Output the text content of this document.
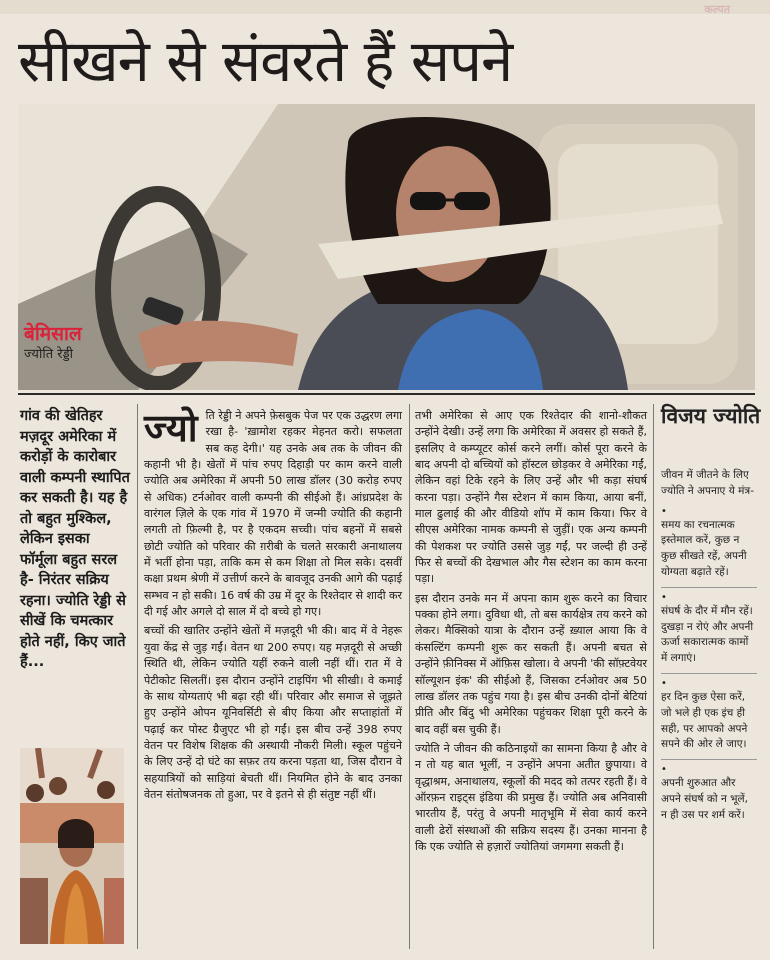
कल्पत
सीखने से संवरते हैं सपने
बेमिसाल
ज्योति रेड्डी
गांव की खेतिहर मज़दूर अमेरिका में करोड़ों के कारोबार वाली कम्पनी स्थापित कर सकती है। यह है तो बहुत मुश्किल, लेकिन इसका फॉर्मूला बहुत सरल है- निरंतर सक्रिय रहना। ज्योति रेड्डी से सीखें कि चमत्कार होते नहीं, किए जाते हैं...

ज्यो ति रेड्डी ने अपने फ़ेसबुक पेज पर एक उद्धरण लगा रखा है- 'ख़ामोश रहकर मेहनत करो। सफलता सब कह देगी।' यह उनके अब तक के जीवन की कहानी भी है। खेतों में पांच रुपए दिहाड़ी पर काम करने वाली ज्योति अब अमेरिका में अपनी 50 लाख डॉलर (30 करोड़ रुपए से अधिक) टर्नओवर वाली कम्पनी की सीईओ हैं। आंध्रप्रदेश के वारंगल ज़िले के एक गांव में 1970 में जन्मी ज्योति की कहानी लगती तो फ़िल्मी है, पर है एकदम सच्ची। पांच बहनों में सबसे छोटी ज्योति को परिवार की ग़रीबी के चलते सरकारी अनाथालय में भर्ती होना पड़ा, ताकि कम से कम शिक्षा तो मिल सके। दसवीं कक्षा प्रथम श्रेणी में उत्तीर्ण करने के बावजूद उनकी आगे की पढ़ाई सम्भव न हो सकी। 16 वर्ष की उम्र में दूर के रिश्तेदार से शादी कर दी गई और अगले दो साल में दो बच्चे हो गए।

बच्चों की खातिर उन्होंने खेतों में मज़दूरी भी की। बाद में वे नेहरू युवा केंद्र से जुड़ गईं। वेतन था 200 रुपए। यह मज़दूरी से अच्छी स्थिति थी, लेकिन ज्योति यहीं रुकने वाली नहीं थीं। रात में वे पेटीकोट सिलतीं। इस दौरान उन्होंने टाइपिंग भी सीखी। वे कमाई के साथ योग्यताएं भी बढ़ा रही थीं। परिवार और समाज से जूझते हुए उन्होंने ओपन यूनिवर्सिटी से बीए किया और सप्ताहांतों में पढ़ाई कर पोस्ट ग्रैजुएट भी हो गईं। इस बीच उन्हें 398 रुपए वेतन पर विशेष शिक्षक की अस्थायी नौकरी मिली। स्कूल पहुंचने के लिए उन्हें दो घंटे का सफ़र तय करना पड़ता था, जिस दौरान वे सहयात्रियों को साड़ियां बेचती थीं। नियमित होने के बाद उनका वेतन संतोषजनक तो हुआ, पर वे इतने से ही संतुष्ट नहीं थीं।

तभी अमेरिका से आए एक रिश्तेदार की शानो-शौकत उन्होंने देखी। उन्हें लगा कि अमेरिका में अवसर हो सकते हैं, इसलिए वे कम्प्यूटर कोर्स करने लगीं। कोर्स पूरा करने के बाद अपनी दो बच्चियों को हॉस्टल छोड़कर वे अमेरिका गईं, लेकिन वहां टिके रहने के लिए उन्हें और भी कड़ा संघर्ष करना पड़ा। उन्होंने गैस स्टेशन में काम किया, आया बनीं, माल ढुलाई की और वीडियो शॉप में काम किया। फिर वे सीएस अमेरिका नामक कम्पनी से जुड़ीं। एक अन्य कम्पनी की पेशकश पर ज्योति उससे जुड़ गईं, पर जल्दी ही उन्हें फिर से बच्चों की देखभाल और गैस स्टेशन का काम करना पड़ा।

इस दौरान उनके मन में अपना काम शुरू करने का विचार पक्का होने लगा। दुविधा थी, तो बस कार्यक्षेत्र तय करने को लेकर। मैक्सिको यात्रा के दौरान उन्हें ख़्याल आया कि वे कंसल्टिंग कम्पनी शुरू कर सकती हैं। अपनी बचत से उन्होंने फ़ीनिक्स में ऑफ़िस खोला। वे अपनी 'की सॉफ़्टवेयर सॉल्यूशन इंक' की सीईओ हैं, जिसका टर्नओवर अब 50 लाख डॉलर तक पहुंच गया है। इस बीच उनकी दोनों बेटियां प्रीति और बिंदु भी अमेरिका पहुंचकर शिक्षा पूरी करने के बाद वहीं बस चुकी हैं।

ज्योति ने जीवन की कठिनाइयों का सामना किया है और वे न तो यह बात भूलीं, न उन्होंने अपना अतीत छुपाया। वे वृद्धाश्रम, अनाथालय, स्कूलों की मदद को तत्पर रहती हैं। वे ऑरफ़न राइट्स इंडिया की प्रमुख हैं। ज्योति अब अनिवासी भारतीय हैं, परंतु वे अपनी मातृभूमि में सेवा कार्य करने वाली ढेरों संस्थाओं की सक्रिय सदस्य हैं। उनका मानना है कि एक ज्योति से हज़ारों ज्योतियां जगमगा सकती हैं।

विजय ज्योति
जीवन में जीतने के लिए ज्योति ने अपनाए ये मंत्र-
•
समय का रचनात्मक इस्तेमाल करें, कुछ न कुछ सीखते रहें, अपनी योग्यता बढ़ाते रहें।
•
संघर्ष के दौर में मौन रहें। दुखड़ा न रोएं और अपनी ऊर्जा सकारात्मक कामों में लगाएं।
•
हर दिन कुछ ऐसा करें, जो भले ही एक इंच ही सही, पर आपको अपने सपने की ओर ले जाए।
•
अपनी शुरुआत और अपने संघर्ष को न भूलें, न ही उस पर शर्म करें।
